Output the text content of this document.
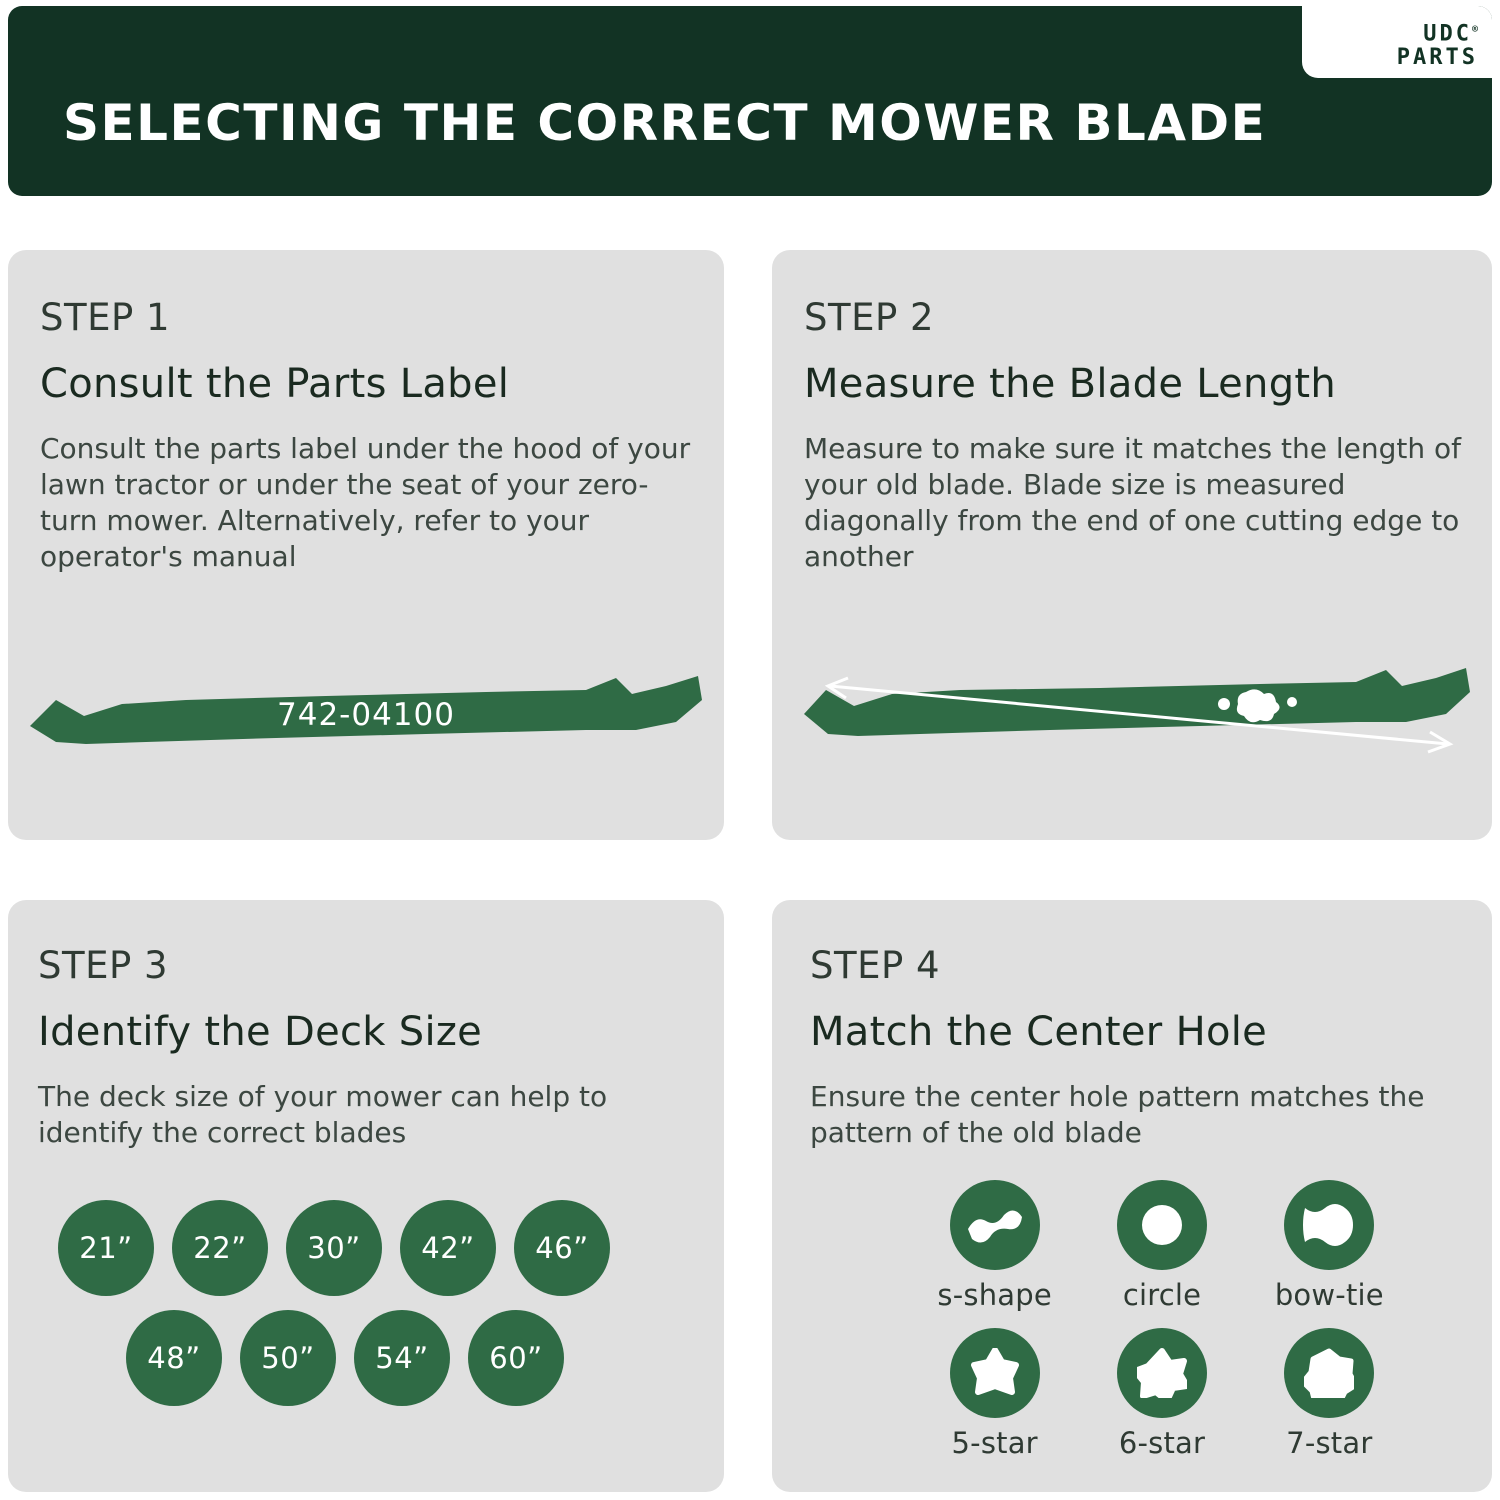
SELECTING THE CORRECT MOWER BLADE
UDC®
PARTS
STEP 1
Consult the Parts Label
Consult the parts label under the hood of your lawn tractor or under the seat of your zero-turn mower. Alternatively, refer to your operator's manual
742-04100
STEP 2
Measure the Blade Length
Measure to make sure it matches the length of your old blade. Blade size is measured diagonally from the end of one cutting edge to another
STEP 3
Identify the Deck Size
The deck size of your mower can help to identify the correct blades
21”	22”	30”	42”	46”
48”	50”	54”	60”
STEP 4
Match the Center Hole
Ensure the center hole pattern matches the pattern of the old blade
s-shape circle	bow-tie
5-star	6-star	7-star
